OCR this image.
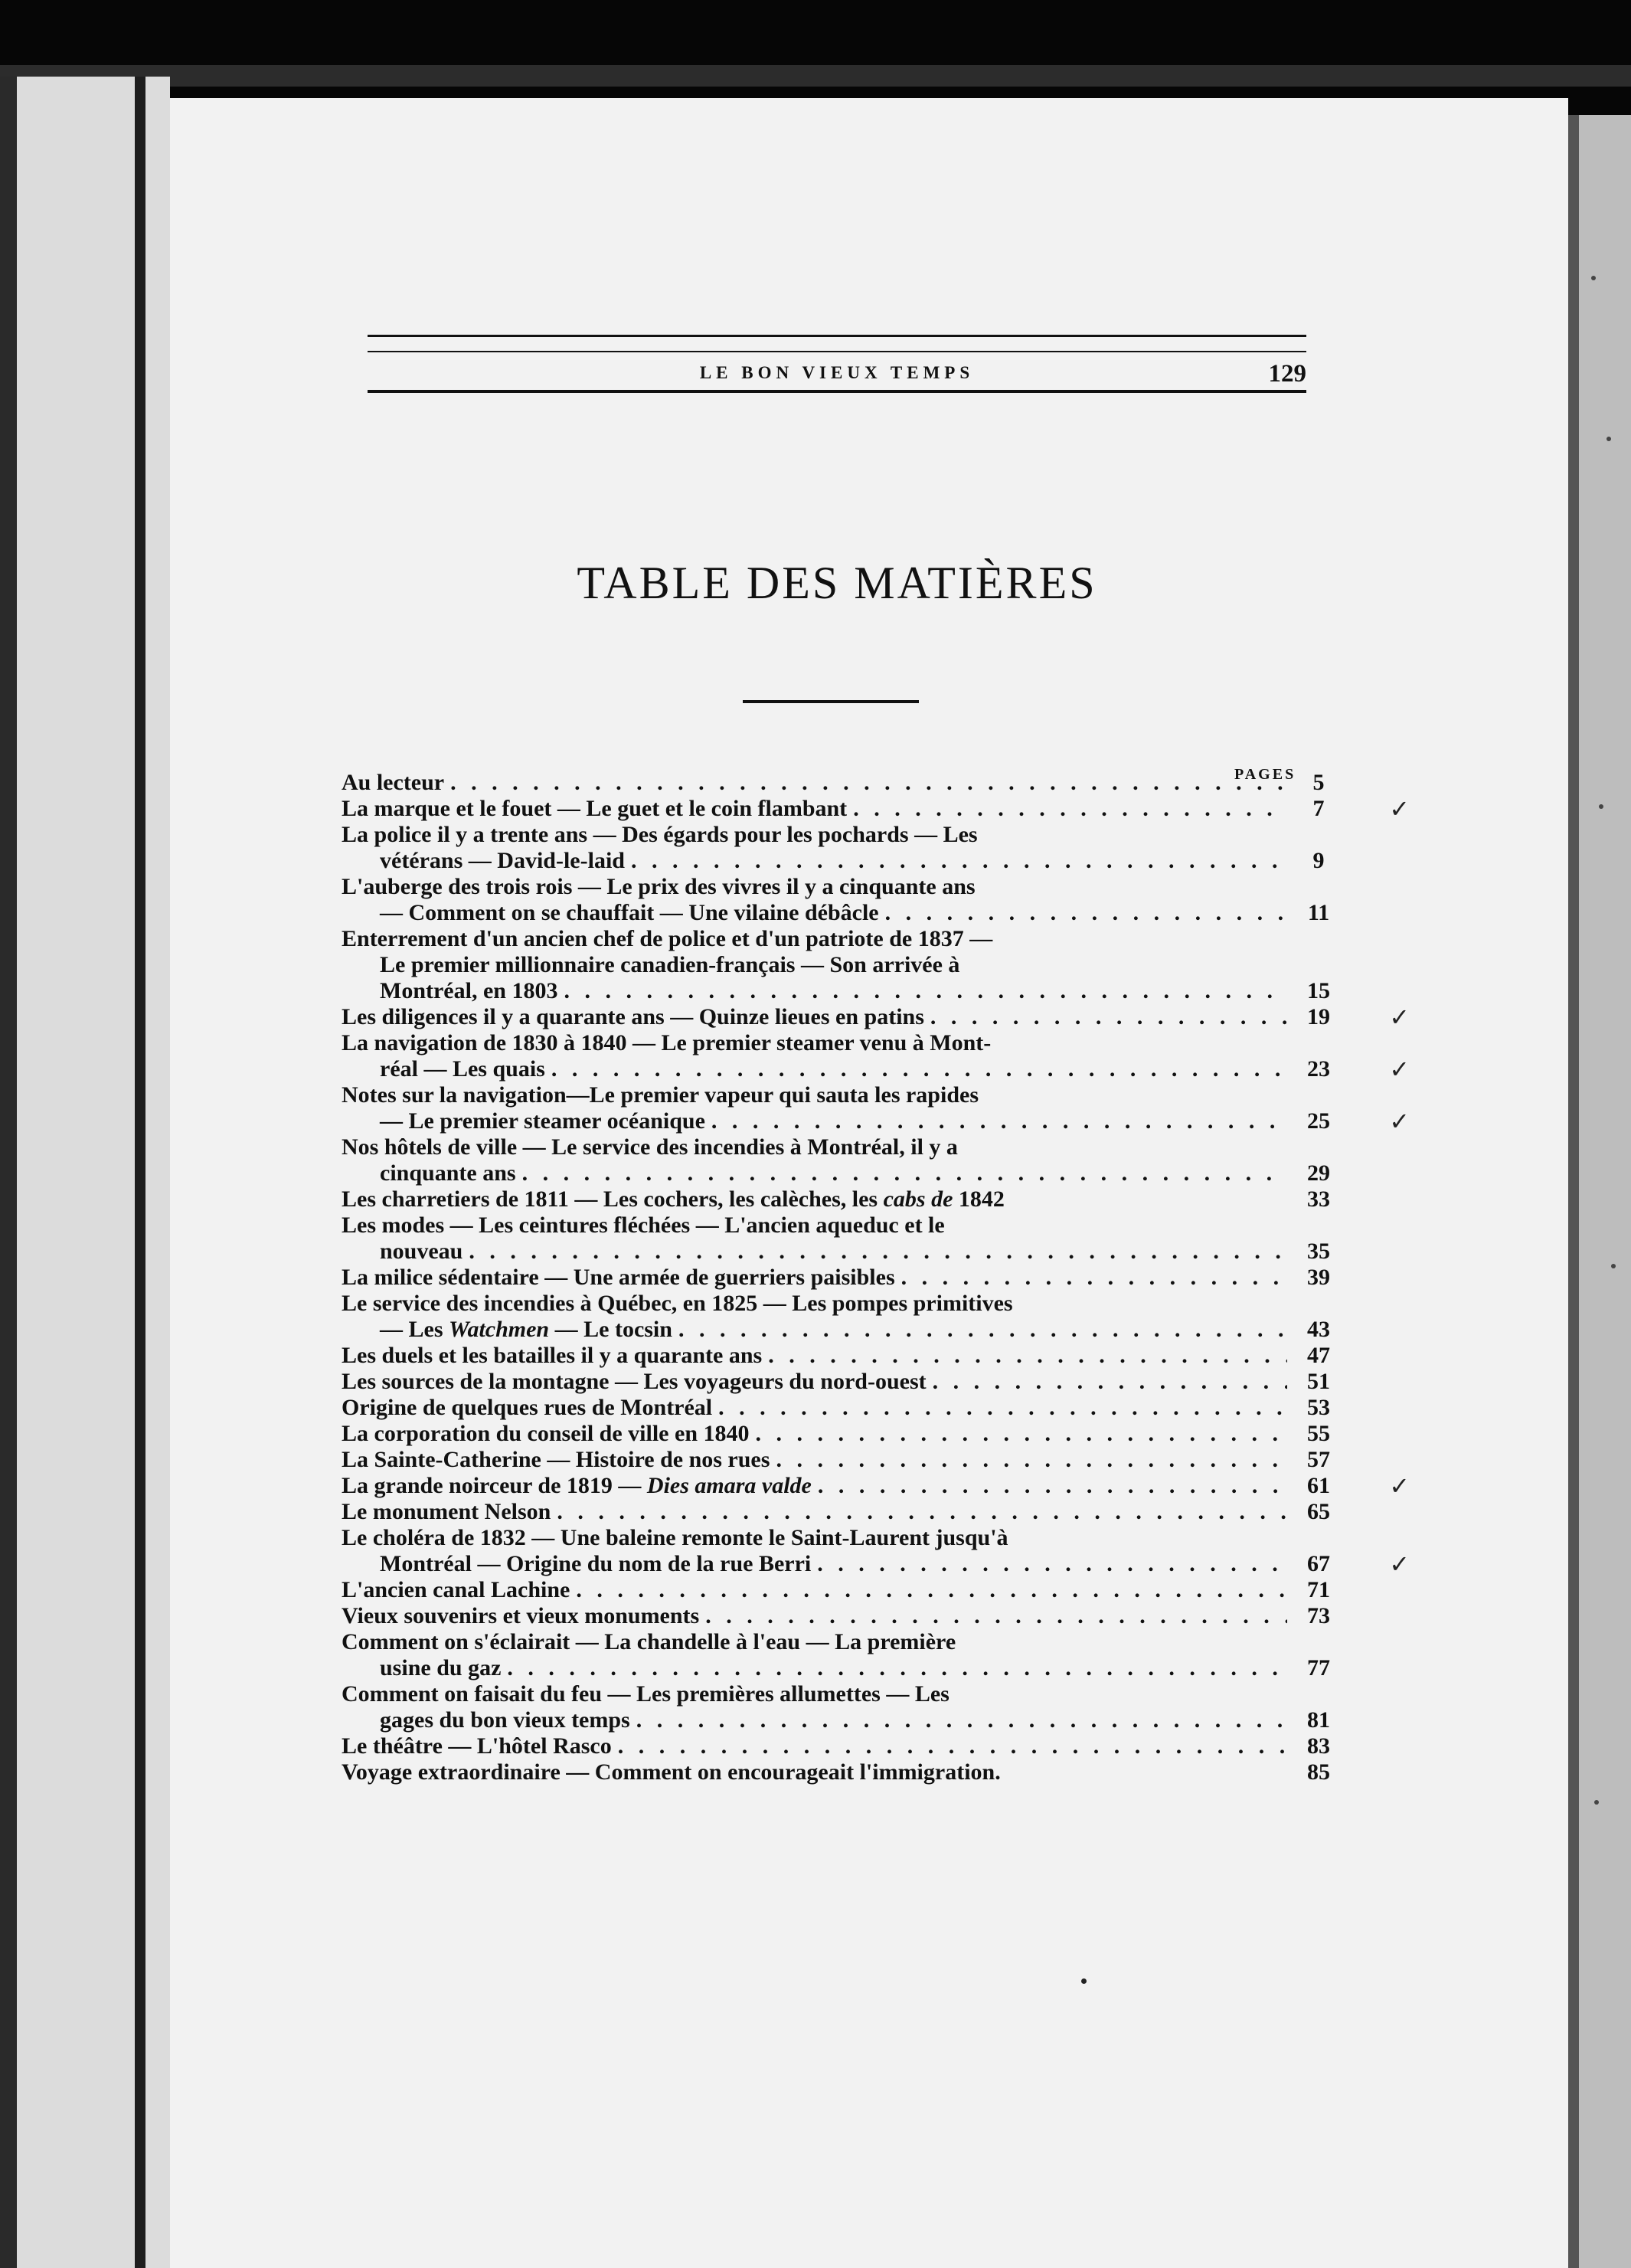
LE BON VIEUX TEMPS	129
TABLE DES MATIÈRES
PAGES
Au lecteur . . .	5
La marque et le fouet — Le guet et le coin flambant . . .	7	✓
La police il y a trente ans — Des égards pour les pochards — Les
vétérans — David-le-laid . . .	9
L'auberge des trois rois — Le prix des vivres il y a cinquante ans
— Comment on se chauffait — Une vilaine débâcle . . .	11
Enterrement d'un ancien chef de police et d'un patriote de 1837 —
Le premier millionnaire canadien-français — Son arrivée à
Montréal, en 1803 . . .	15
Les diligences il y a quarante ans — Quinze lieues en patins . . .	19	✓
La navigation de 1830 à 1840 — Le premier steamer venu à Mont-
réal — Les quais . . .	23	✓
Notes sur la navigation—Le premier vapeur qui sauta les rapides
— Le premier steamer océanique . . .	25	✓
Nos hôtels de ville — Le service des incendies à Montréal, il y a
cinquante ans . . .	29
Les charretiers de 1811 — Les cochers, les calèches, les cabs de 1842	33
Les modes — Les ceintures fléchées — L'ancien aqueduc et le
nouveau . . .	35
La milice sédentaire — Une armée de guerriers paisibles . . .	39
Le service des incendies à Québec, en 1825 — Les pompes primitives
— Les Watchmen — Le tocsin . . .	43
Les duels et les batailles il y a quarante ans . . .	47
Les sources de la montagne — Les voyageurs du nord-ouest . . .	51
Origine de quelques rues de Montréal . . .	53
La corporation du conseil de ville en 1840 . . .	55
La Sainte-Catherine — Histoire de nos rues . . .	57
La grande noirceur de 1819 — Dies amara valde . . .	61	✓
Le monument Nelson . . .	65
Le choléra de 1832 — Une baleine remonte le Saint-Laurent jusqu'à
Montréal — Origine du nom de la rue Berri . . .	67	✓
L'ancien canal Lachine . . .	71
Vieux souvenirs et vieux monuments . . .	73
Comment on s'éclairait — La chandelle à l'eau — La première
usine du gaz . . .	77
Comment on faisait du feu — Les premières allumettes — Les
gages du bon vieux temps . . .	81
Le théâtre — L'hôtel Rasco . . .	83
Voyage extraordinaire — Comment on encourageait l'immigration.	85
